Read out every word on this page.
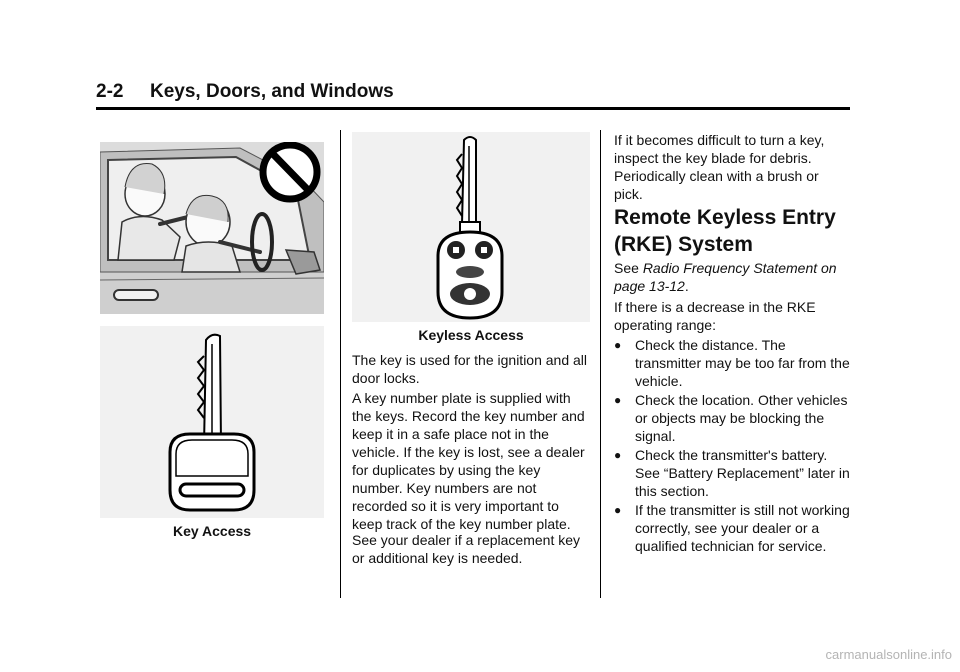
2-2 Keys, Doors, and Windows
Key Access
Keyless Access

The key is used for the ignition and all door locks.

A key number plate is supplied with the keys. Record the key number and keep it in a safe place not in the vehicle. If the key is lost, see a dealer for duplicates by using the key number. Key numbers are not recorded so it is very important to keep track of the key number plate.

See your dealer if a replacement key or additional key is needed.

If it becomes difficult to turn a key, inspect the key blade for debris. Periodically clean with a brush or pick.

Remote Keyless Entry (RKE) System

See Radio Frequency Statement on page 13-12.

If there is a decrease in the RKE operating range:

● Check the distance. The transmitter may be too far from the vehicle.
● Check the location. Other vehicles or objects may be blocking the signal.
● Check the transmitter's battery. See “Battery Replacement” later in this section.
● If the transmitter is still not working correctly, see your dealer or a qualified technician for service.
carmanualsonline.info
